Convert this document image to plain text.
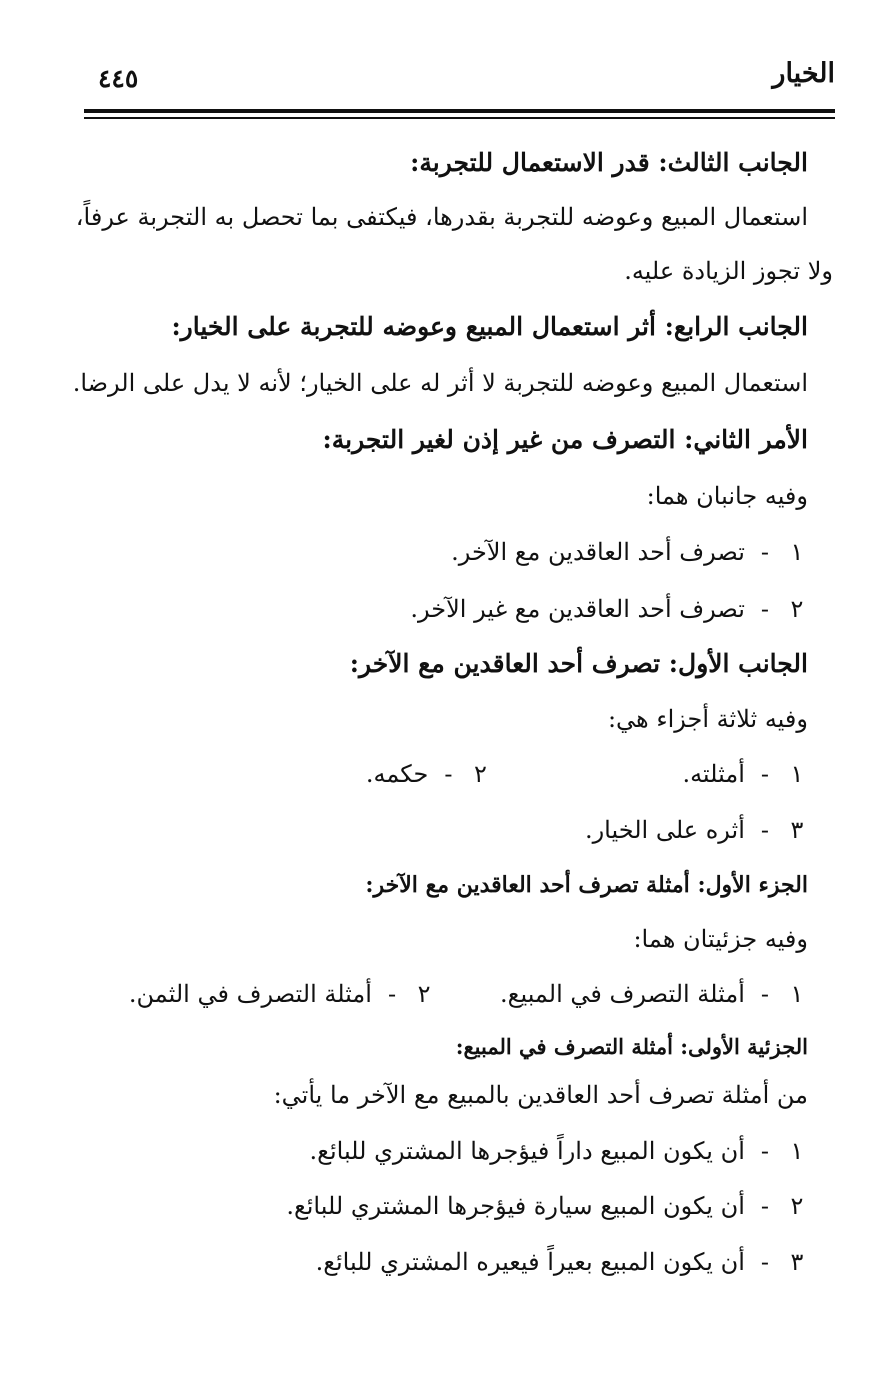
الخيار
٤٤٥
الجانب الثالث: قدر الاستعمال للتجربة:
استعمال المبيع وعوضه للتجربة بقدرها، فيكتفى بما تحصل به التجربة عرفاً،
ولا تجوز الزيادة عليه.
الجانب الرابع: أثر استعمال المبيع وعوضه للتجربة على الخيار:
استعمال المبيع وعوضه للتجربة لا أثر له على الخيار؛ لأنه لا يدل على الرضا.
الأمر الثاني: التصرف من غير إذن لغير التجربة:
وفيه جانبان هما:
١-تصرف أحد العاقدين مع الآخر.
٢-تصرف أحد العاقدين مع غير الآخر.
الجانب الأول: تصرف أحد العاقدين مع الآخر:
وفيه ثلاثة أجزاء هي:
١-أمثلته.٢-حكمه.
٣-أثره على الخيار.
الجزء الأول: أمثلة تصرف أحد العاقدين مع الآخر:
وفيه جزئيتان هما:
١-أمثلة التصرف في المبيع.٢-أمثلة التصرف في الثمن.
الجزئية الأولى: أمثلة التصرف في المبيع:
من أمثلة تصرف أحد العاقدين بالمبيع مع الآخر ما يأتي:
١-أن يكون المبيع داراً فيؤجرها المشتري للبائع.
٢-أن يكون المبيع سيارة فيؤجرها المشتري للبائع.
٣-أن يكون المبيع بعيراً فيعيره المشتري للبائع.
